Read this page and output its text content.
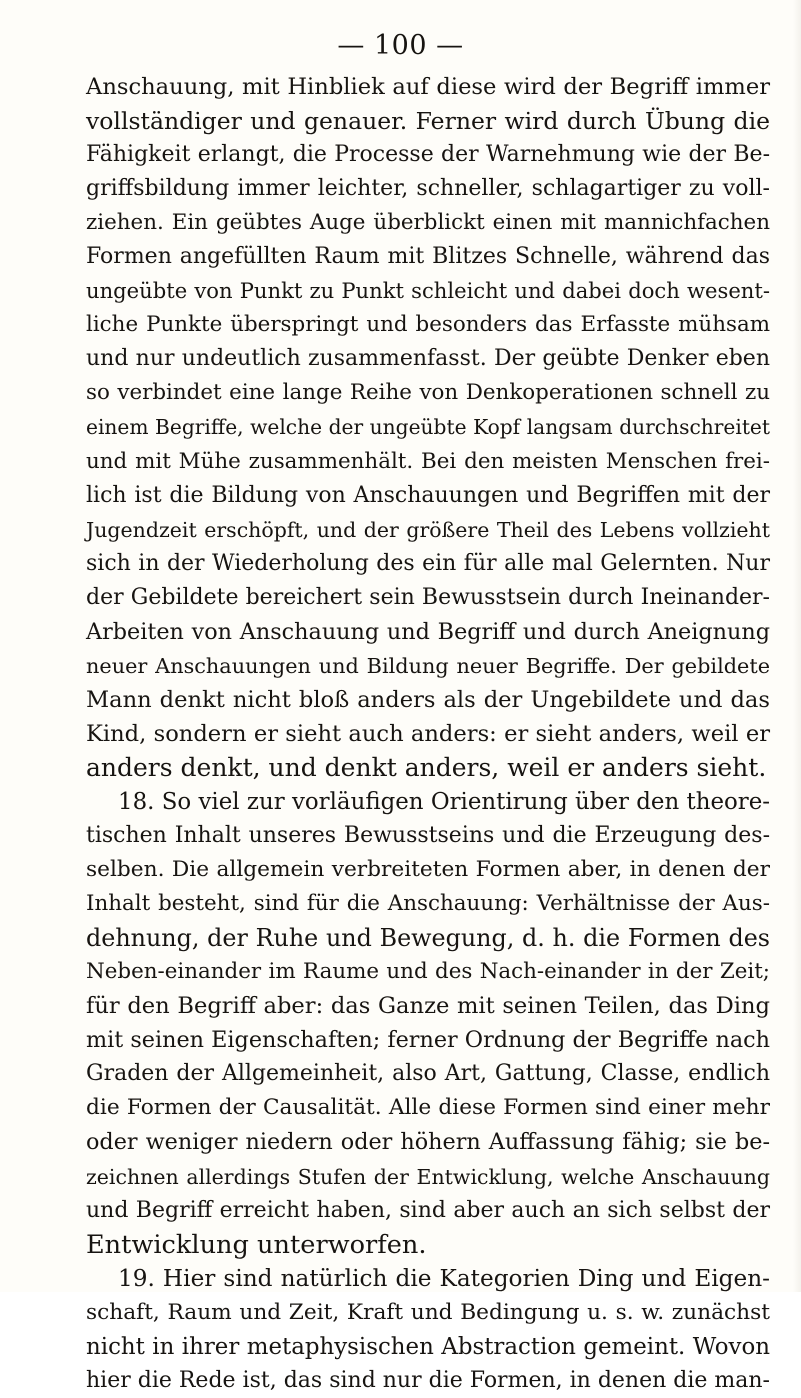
— 100 —
Anschauung, mit Hinbliek auf diese wird der Begriff immer
vollständiger und genauer. Ferner wird durch Übung die
Fähigkeit erlangt, die Processe der Warnehmung wie der Be-
griffsbildung immer leichter, schneller, schlagartiger zu voll-
ziehen. Ein geübtes Auge überblickt einen mit mannichfachen
Formen angefüllten Raum mit Blitzes Schnelle, während das
ungeübte von Punkt zu Punkt schleicht und dabei doch wesent-
liche Punkte überspringt und besonders das Erfasste mühsam
und nur undeutlich zusammenfasst. Der geübte Denker eben
so verbindet eine lange Reihe von Denkoperationen schnell zu
einem Begriffe, welche der ungeübte Kopf langsam durchschreitet
und mit Mühe zusammenhält. Bei den meisten Menschen frei-
lich ist die Bildung von Anschauungen und Begriffen mit der
Jugendzeit erschöpft, und der größere Theil des Lebens vollzieht
sich in der Wiederholung des ein für alle mal Gelernten. Nur
der Gebildete bereichert sein Bewusstsein durch Ineinander-
Arbeiten von Anschauung und Begriff und durch Aneignung
neuer Anschauungen und Bildung neuer Begriffe. Der gebildete
Mann denkt nicht bloß anders als der Ungebildete und das
Kind, sondern er sieht auch anders: er sieht anders, weil er
anders denkt, und denkt anders, weil er anders sieht.
18. So viel zur vorläufigen Orientirung über den theore-
tischen Inhalt unseres Bewusstseins und die Erzeugung des-
selben. Die allgemein verbreiteten Formen aber, in denen der
Inhalt besteht, sind für die Anschauung: Verhältnisse der Aus-
dehnung, der Ruhe und Bewegung, d. h. die Formen des
Neben-einander im Raume und des Nach-einander in der Zeit;
für den Begriff aber: das Ganze mit seinen Teilen, das Ding
mit seinen Eigenschaften; ferner Ordnung der Begriffe nach
Graden der Allgemeinheit, also Art, Gattung, Classe, endlich
die Formen der Causalität. Alle diese Formen sind einer mehr
oder weniger niedern oder höhern Auffassung fähig; sie be-
zeichnen allerdings Stufen der Entwicklung, welche Anschauung
und Begriff erreicht haben, sind aber auch an sich selbst der
Entwicklung unterworfen.
19. Hier sind natürlich die Kategorien Ding und Eigen-
schaft, Raum und Zeit, Kraft und Bedingung u. s. w. zunächst
nicht in ihrer metaphysischen Abstraction gemeint. Wovon
hier die Rede ist, das sind nur die Formen, in denen die man-
